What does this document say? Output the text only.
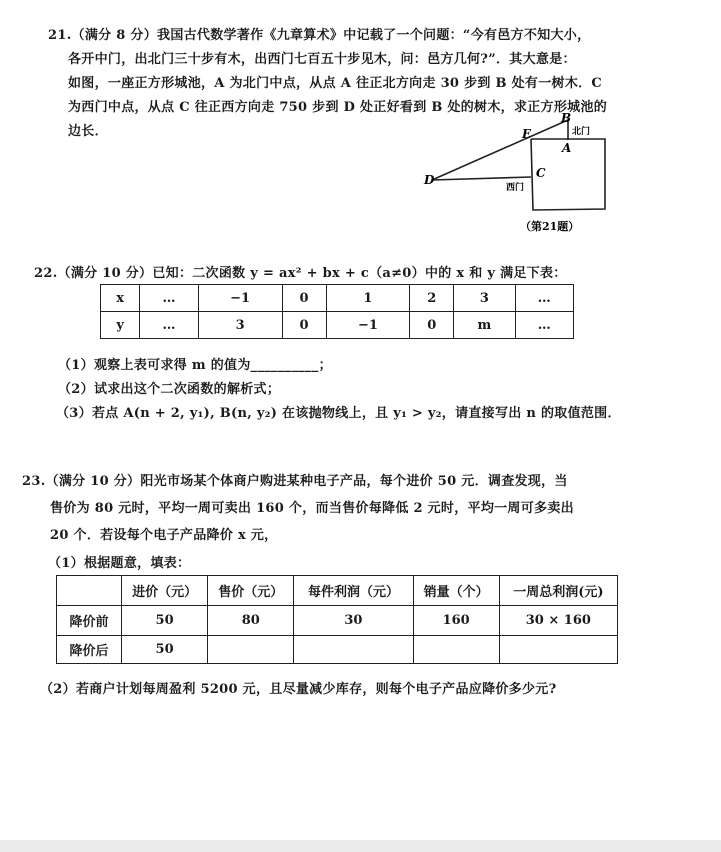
21.（满分 8 分）我国古代数学著作《九章算术》中记载了一个问题：“今有邑方不知大小，
各开中门，出北门三十步有木，出西门七百五十步见木，问：邑方几何?”．其大意是：
如图，一座正方形城池，A 为北门中点，从点 A 往正北方向走 30 步到 B 处有一树木．C
为西门中点，从点 C 往正西方向走 750 步到 D 处正好看到 B 处的树木，求正方形城池的
边长．
B
E
A
C
D
北门
西门
（第21题）
22.（满分 10 分）已知：二次函数 y = ax² + bx + c（a≠0）中的 x 和 y 满足下表：
x	…	−1	0	1	2	3	…
y	…	3	0	−1	0	m	…
（1）观察上表可求得 m 的值为__________；
（2）试求出这个二次函数的解析式；
（3）若点 A(n + 2, y₁), B(n, y₂) 在该抛物线上，且 y₁ > y₂，请直接写出 n 的取值范围．
23.（满分 10 分）阳光市场某个体商户购进某种电子产品，每个进价 50 元．调查发现，当
售价为 80 元时，平均一周可卖出 160 个，而当售价每降低 2 元时，平均一周可多卖出
20 个．若设每个电子产品降价 x 元，
（1）根据题意，填表：
	进价（元）	售价（元）	每件利润（元）	销量（个）	一周总利润(元)
降价前	50	80	30	160	30 × 160
降价后	50				
（2）若商户计划每周盈利 5200 元，且尽量减少库存，则每个电子产品应降价多少元?
